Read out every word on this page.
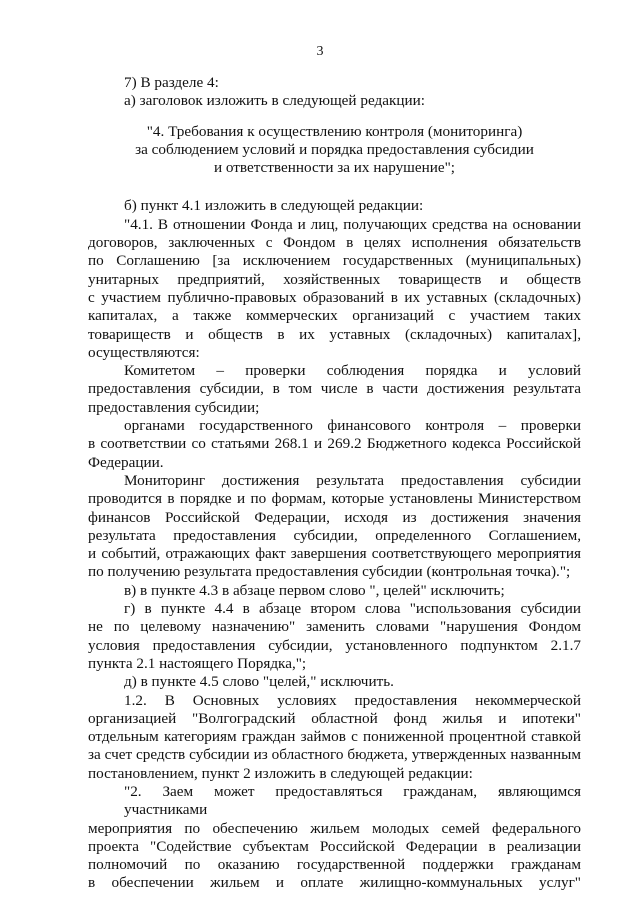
3
7) В разделе 4:
а) заголовок изложить в следующей редакции:
"4. Требования к осуществлению контроля (мониторинга)
за соблюдением условий и порядка предоставления субсидии
и ответственности за их нарушение";
б) пункт 4.1 изложить в следующей редакции:
"4.1. В отношении Фонда и лиц, получающих средства на основании
договоров, заключенных с Фондом в целях исполнения обязательств
по Соглашению [за исключением государственных (муниципальных)
унитарных предприятий, хозяйственных товариществ и обществ
с участием публично-правовых образований в их уставных (складочных)
капиталах, а также коммерческих организаций с участием таких
товариществ и обществ в их уставных (складочных) капиталах],
осуществляются:
Комитетом – проверки соблюдения порядка и условий
предоставления субсидии, в том числе в части достижения результата
предоставления субсидии;
органами государственного финансового контроля – проверки
в соответствии со статьями 268.1 и 269.2 Бюджетного кодекса Российской
Федерации.
Мониторинг достижения результата предоставления субсидии
проводится в порядке и по формам, которые установлены Министерством
финансов Российской Федерации, исходя из достижения значения
результата предоставления субсидии, определенного Соглашением,
и событий, отражающих факт завершения соответствующего мероприятия
по получению результата предоставления субсидии (контрольная точка).";
в) в пункте 4.3 в абзаце первом слово ", целей" исключить;
г) в пункте 4.4 в абзаце втором слова "использования субсидии
не по целевому назначению" заменить словами "нарушения Фондом
условия предоставления субсидии, установленного подпунктом 2.1.7
пункта 2.1 настоящего Порядка,";
д) в пункте 4.5 слово "целей," исключить.
1.2. В Основных условиях предоставления некоммерческой
организацией "Волгоградский областной фонд жилья и ипотеки"
отдельным категориям граждан займов с пониженной процентной ставкой
за счет средств субсидии из областного бюджета, утвержденных названным
постановлением, пункт 2 изложить в следующей редакции:
"2. Заем может предоставляться гражданам, являющимся участниками
мероприятия по обеспечению жильем молодых семей федерального
проекта "Содействие субъектам Российской Федерации в реализации
полномочий по оказанию государственной поддержки гражданам
в обеспечении жильем и оплате жилищно-коммунальных услуг"
